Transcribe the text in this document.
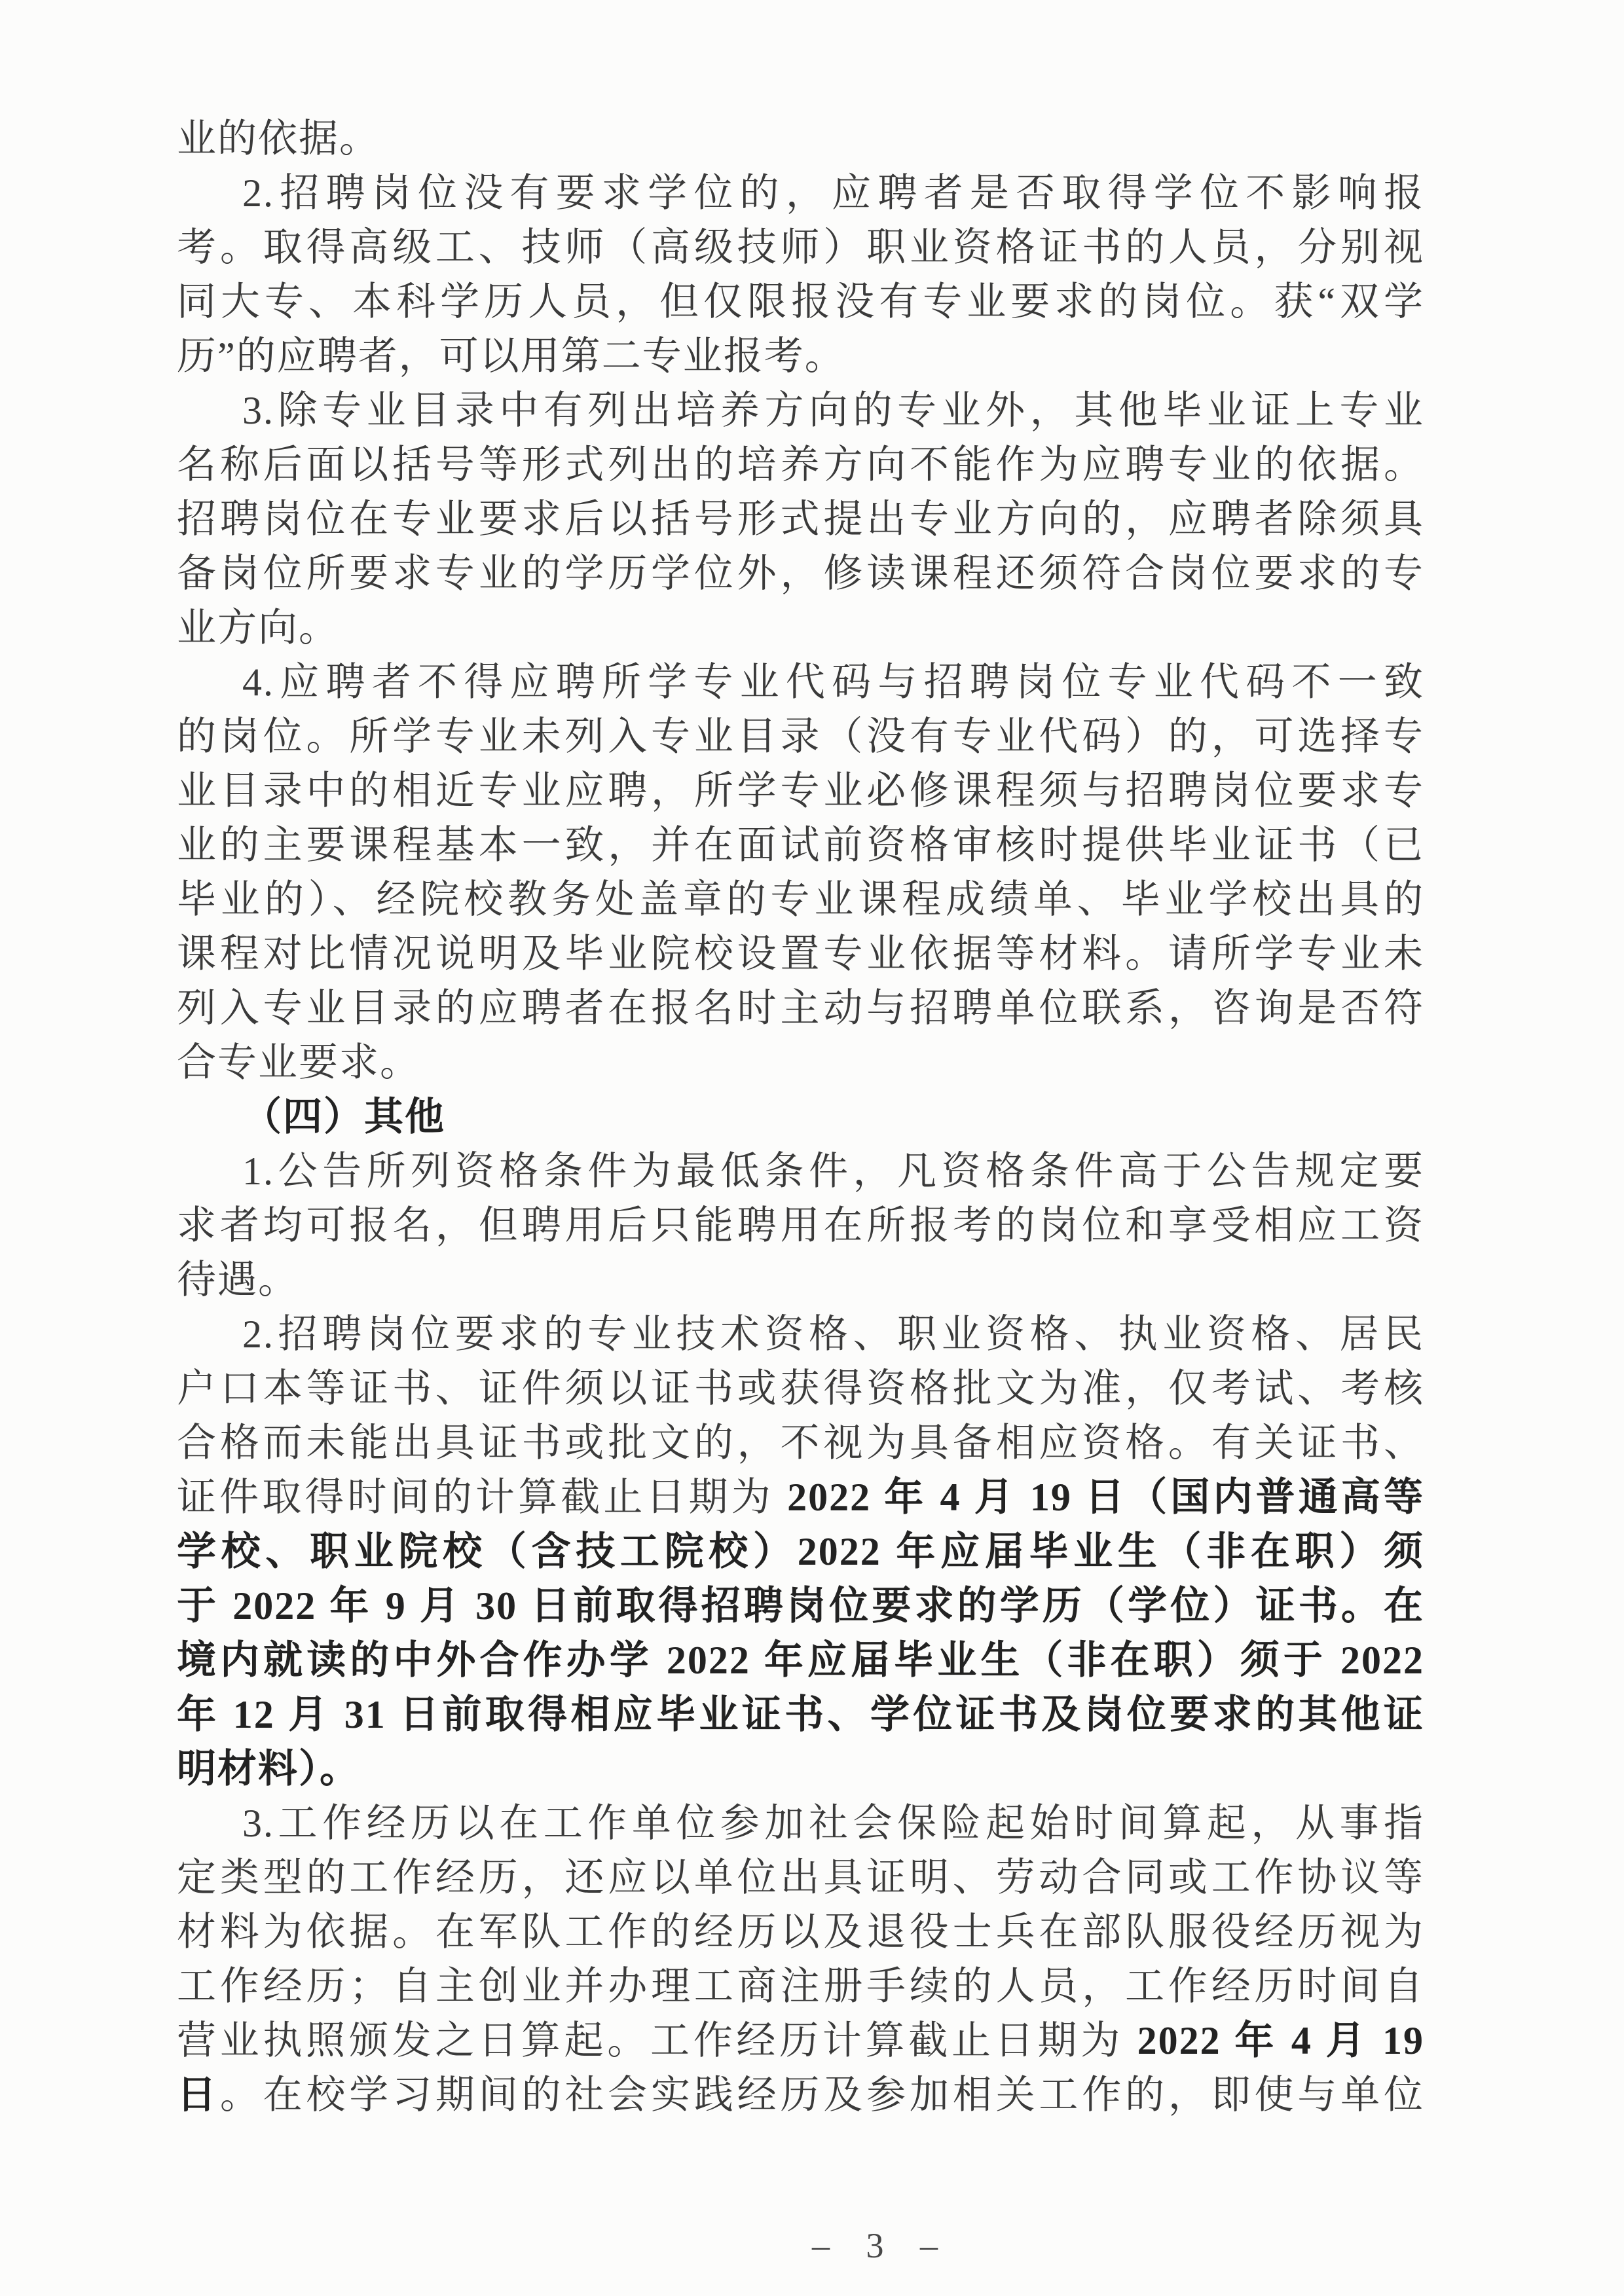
业的依据。
2.招聘岗位没有要求学位的，应聘者是否取得学位不影响报
考。取得高级工、技师（高级技师）职业资格证书的人员，分别视
同大专、本科学历人员，但仅限报没有专业要求的岗位。获“双学
历”的应聘者，可以用第二专业报考。
3.除专业目录中有列出培养方向的专业外，其他毕业证上专业
名称后面以括号等形式列出的培养方向不能作为应聘专业的依据。
招聘岗位在专业要求后以括号形式提出专业方向的，应聘者除须具
备岗位所要求专业的学历学位外，修读课程还须符合岗位要求的专
业方向。
4.应聘者不得应聘所学专业代码与招聘岗位专业代码不一致
的岗位。所学专业未列入专业目录（没有专业代码）的，可选择专
业目录中的相近专业应聘，所学专业必修课程须与招聘岗位要求专
业的主要课程基本一致，并在面试前资格审核时提供毕业证书（已
毕业的）、经院校教务处盖章的专业课程成绩单、毕业学校出具的
课程对比情况说明及毕业院校设置专业依据等材料。请所学专业未
列入专业目录的应聘者在报名时主动与招聘单位联系，咨询是否符
合专业要求。
（四）其他
1.公告所列资格条件为最低条件，凡资格条件高于公告规定要
求者均可报名，但聘用后只能聘用在所报考的岗位和享受相应工资
待遇。
2.招聘岗位要求的专业技术资格、职业资格、执业资格、居民
户口本等证书、证件须以证书或获得资格批文为准，仅考试、考核
合格而未能出具证书或批文的，不视为具备相应资格。有关证书、
证件取得时间的计算截止日期为 2022 年 4 月 19 日（国内普通高等
学校、职业院校（含技工院校）2022 年应届毕业生（非在职）须
于 2022 年 9 月 30 日前取得招聘岗位要求的学历（学位）证书。在
境内就读的中外合作办学 2022 年应届毕业生（非在职）须于 2022
年 12 月 31 日前取得相应毕业证书、学位证书及岗位要求的其他证
明材料）。
3.工作经历以在工作单位参加社会保险起始时间算起，从事指
定类型的工作经历，还应以单位出具证明、劳动合同或工作协议等
材料为依据。在军队工作的经历以及退役士兵在部队服役经历视为
工作经历；自主创业并办理工商注册手续的人员，工作经历时间自
营业执照颁发之日算起。工作经历计算截止日期为 2022 年 4 月 19
日。在校学习期间的社会实践经历及参加相关工作的，即使与单位

– 3 –
